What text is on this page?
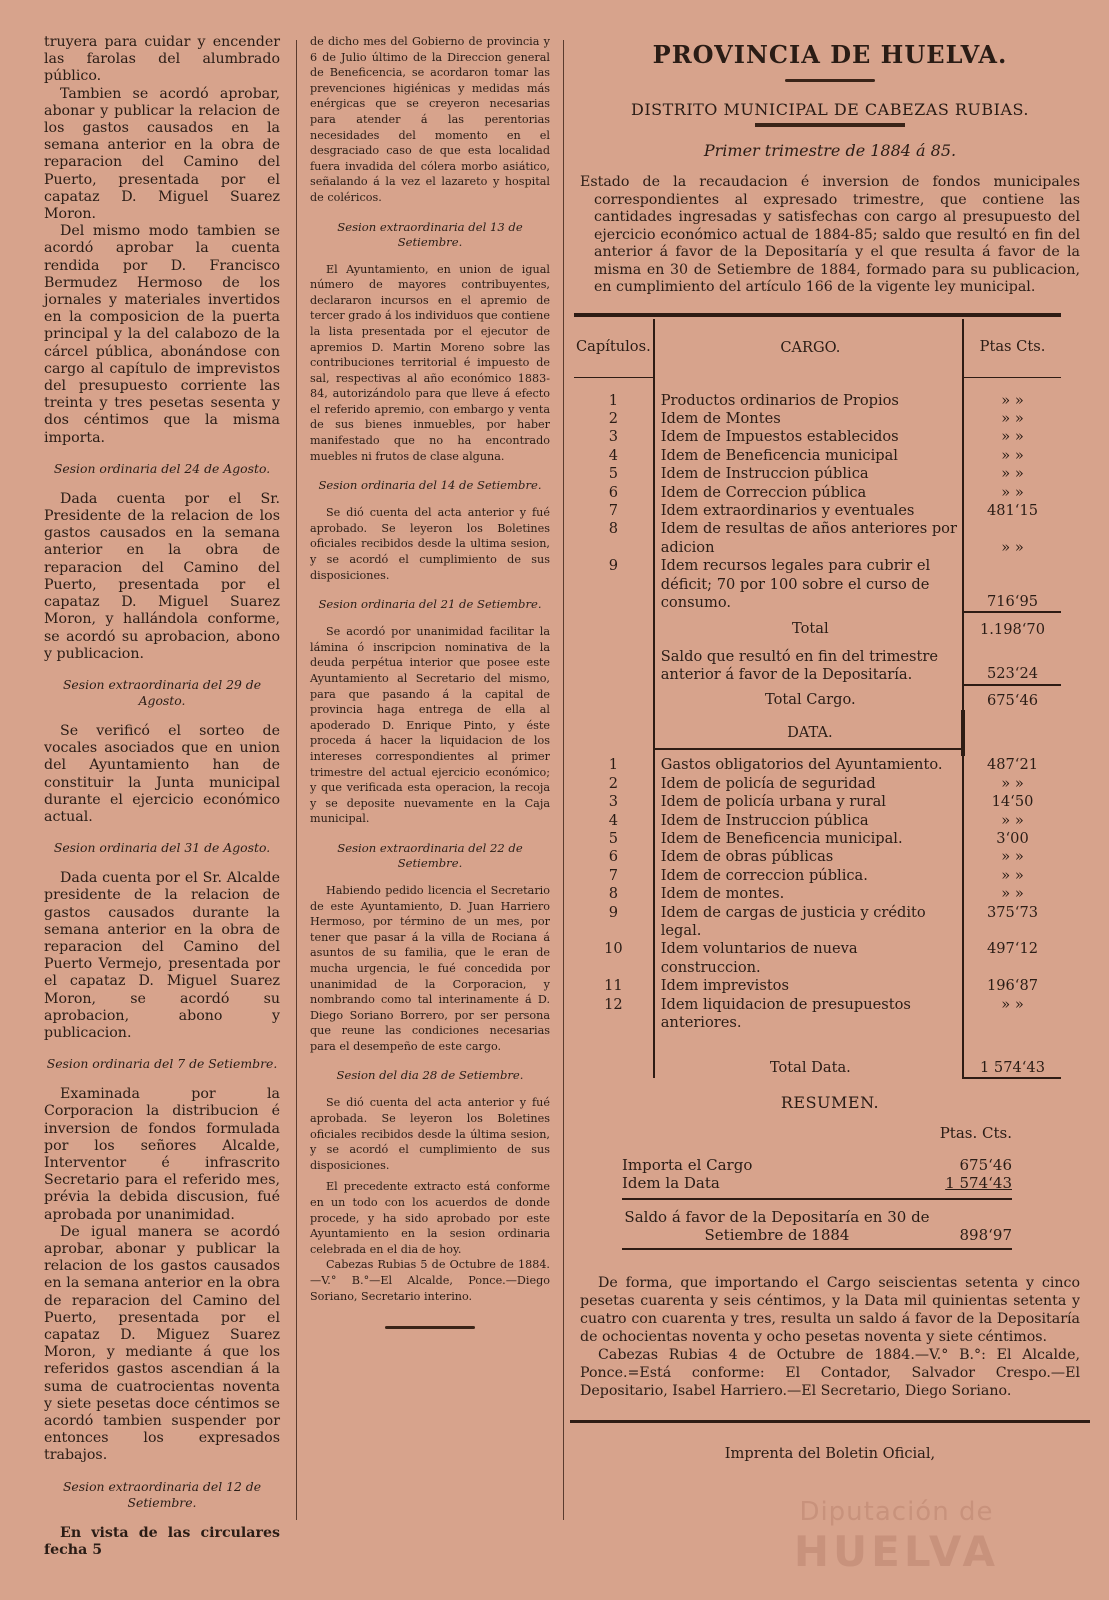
truyera para cuidar y encender las farolas del alumbrado público.

Tambien se acordó aprobar, abonar y publicar la relacion de los gastos causados en la semana anterior en la obra de reparacion del Camino del Puerto, presentada por el capataz D. Miguel Suarez Moron.

Del mismo modo tambien se acordó aprobar la cuenta rendida por D. Francisco Bermudez Hermoso de los jornales y materiales invertidos en la composicion de la puerta principal y la del calabozo de la cárcel pública, abonándose con cargo al capítulo de imprevistos del presupuesto corriente las treinta y tres pesetas sesenta y dos céntimos que la misma importa.

Sesion ordinaria del 24 de Agosto.

Dada cuenta por el Sr. Presidente de la relacion de los gastos causados en la semana anterior en la obra de reparacion del Camino del Puerto, presentada por el capataz D. Miguel Suarez Moron, y hallándola conforme, se acordó su aprobacion, abono y publicacion.

Sesion extraordinaria del 29 de Agosto.

Se verificó el sorteo de vocales asociados que en union del Ayuntamiento han de constituir la Junta municipal durante el ejercicio económico actual.

Sesion ordinaria del 31 de Agosto.

Dada cuenta por el Sr. Alcalde presidente de la relacion de gastos causados durante la semana anterior en la obra de reparacion del Camino del Puerto Vermejo, presentada por el capataz D. Miguel Suarez Moron, se acordó su aprobacion, abono y publicacion.

Sesion ordinaria del 7 de Setiembre.

Examinada por la Corporacion la distribucion é inversion de fondos formulada por los señores Alcalde, Interventor é infrascrito Secretario para el referido mes, prévia la debida discusion, fué aprobada por unanimidad.

De igual manera se acordó aprobar, abonar y publicar la relacion de los gastos causados en la semana anterior en la obra de reparacion del Camino del Puerto, presentada por el capataz D. Miguez Suarez Moron, y mediante á que los referidos gastos ascendian á la suma de cuatrocientas noventa y siete pesetas doce céntimos se acordó tambien suspender por entonces los expresados trabajos.

Sesion extraordinaria del 12 de Setiembre.

En vista de las circulares fecha 5

de dicho mes del Gobierno de provincia y 6 de Julio último de la Direccion general de Beneficencia, se acordaron tomar las prevenciones higiénicas y medidas más enérgicas que se creyeron necesarias para atender á las perentorias necesidades del momento en el desgraciado caso de que esta localidad fuera invadida del cólera morbo asiático, señalando á la vez el lazareto y hospital de coléricos.

Sesion extraordinaria del 13 de Setiembre.

El Ayuntamiento, en union de igual número de mayores contribuyentes, declararon incursos en el apremio de tercer grado á los individuos que contiene la lista presentada por el ejecutor de apremios D. Martin Moreno sobre las contribuciones territorial é impuesto de sal, respectivas al año económico 1883-84, autorizándolo para que lleve á efecto el referido apremio, con embargo y venta de sus bienes inmuebles, por haber manifestado que no ha encontrado muebles ni frutos de clase alguna.

Sesion ordinaria del 14 de Setiembre.

Se dió cuenta del acta anterior y fué aprobado. Se leyeron los Boletines oficiales recibidos desde la ultima sesion, y se acordó el cumplimiento de sus disposiciones.

Sesion ordinaria del 21 de Setiembre.

Se acordó por unanimidad facilitar la lámina ó inscripcion nominativa de la deuda perpétua interior que posee este Ayuntamiento al Secretario del mismo, para que pasando á la capital de provincia haga entrega de ella al apoderado D. Enrique Pinto, y éste proceda á hacer la liquidacion de los intereses correspondientes al primer trimestre del actual ejercicio económico; y que verificada esta operacion, la recoja y se deposite nuevamente en la Caja municipal.

Sesion extraordinaria del 22 de Setiembre.

Habiendo pedido licencia el Secretario de este Ayuntamiento, D. Juan Harriero Hermoso, por término de un mes, por tener que pasar á la villa de Rociana á asuntos de su familia, que le eran de mucha urgencia, le fué concedida por unanimidad de la Corporacion, y nombrando como tal interinamente á D. Diego Soriano Borrero, por ser persona que reune las condiciones necesarias para el desempeño de este cargo.

Sesion del dia 28 de Setiembre.

Se dió cuenta del acta anterior y fué aprobada. Se leyeron los Boletines oficiales recibidos desde la última sesion, y se acordó el cumplimiento de sus disposiciones.

El precedente extracto está conforme en un todo con los acuerdos de donde procede, y ha sido aprobado por este Ayuntamiento en la sesion ordinaria celebrada en el dia de hoy.

Cabezas Rubias 5 de Octubre de 1884.—V.° B.°—El Alcalde, Ponce.—Diego Soriano, Secretario interino.

PROVINCIA DE HUELVA.
DISTRITO MUNICIPAL DE CABEZAS RUBIAS.
Primer trimestre de 1884 á 85.
Estado de la recaudacion é inversion de fondos municipales correspondientes al expresado trimestre, que contiene las cantidades ingresadas y satisfechas con cargo al presupuesto del ejercicio económico actual de 1884-85; saldo que resultó en fin del anterior á favor de la Depositaría y el que resulta á favor de la misma en 30 de Setiembre de 1884, formado para su publicacion, en cumplimiento del artículo 166 de la vigente ley municipal.

Capítulos.	CARGO.	Ptas Cts.

1	Productos ordinarios de Propios	» »
2	Idem de Montes	» »
3	Idem de Impuestos establecidos	» »
4	Idem de Beneficencia municipal	» »
5	Idem de Instruccion pública	» »
6	Idem de Correccion pública	» »
7	Idem extraordinarios y eventuales	481‘15
8	Idem de resultas de años anteriores por adicion	» »
9	Idem recursos legales para cubrir el déficit; 70 por 100 sobre el curso de consumo.	716‘95
	Total	1.198‘70
	Saldo que resultó en fin del trimestre anterior á favor de la Depositaría.	523‘24
	Total Cargo.	675‘46
	DATA.	

1	Gastos obligatorios del Ayuntamiento.	487‘21
2	Idem de policía de seguridad	» »
3	Idem de policía urbana y rural	14‘50
4	Idem de Instruccion pública	» »
5	Idem de Beneficencia municipal.	3‘00
6	Idem de obras públicas	» »
7	Idem de correccion pública.	» »
8	Idem de montes.	» »
9	Idem de cargas de justicia y crédito legal.	375‘73
10	Idem voluntarios de nueva construccion.	497‘12
11	Idem imprevistos	196‘87
12	Idem liquidacion de presupuestos anteriores.	» »

	Total Data.	1 574‘43
RESUMEN.
Ptas. Cts.
Importa el Cargo	675‘46
Idem la Data	1 574‘43
Saldo á favor de la Depositaría en 30 de Setiembre de 1884	898‘97

De forma, que importando el Cargo seiscientas setenta y cinco pesetas cuarenta y seis céntimos, y la Data mil quinientas setenta y cuatro con cuarenta y tres, resulta un saldo á favor de la Depositaría de ochocientas noventa y ocho pesetas noventa y siete céntimos.

Cabezas Rubias 4 de Octubre de 1884.—V.° B.°: El Alcalde, Ponce.=Está conforme: El Contador, Salvador Crespo.—El Depositario, Isabel Harriero.—El Secretario, Diego Soriano.

Imprenta del Boletin Oficial,
Diputación de
HUELVA
